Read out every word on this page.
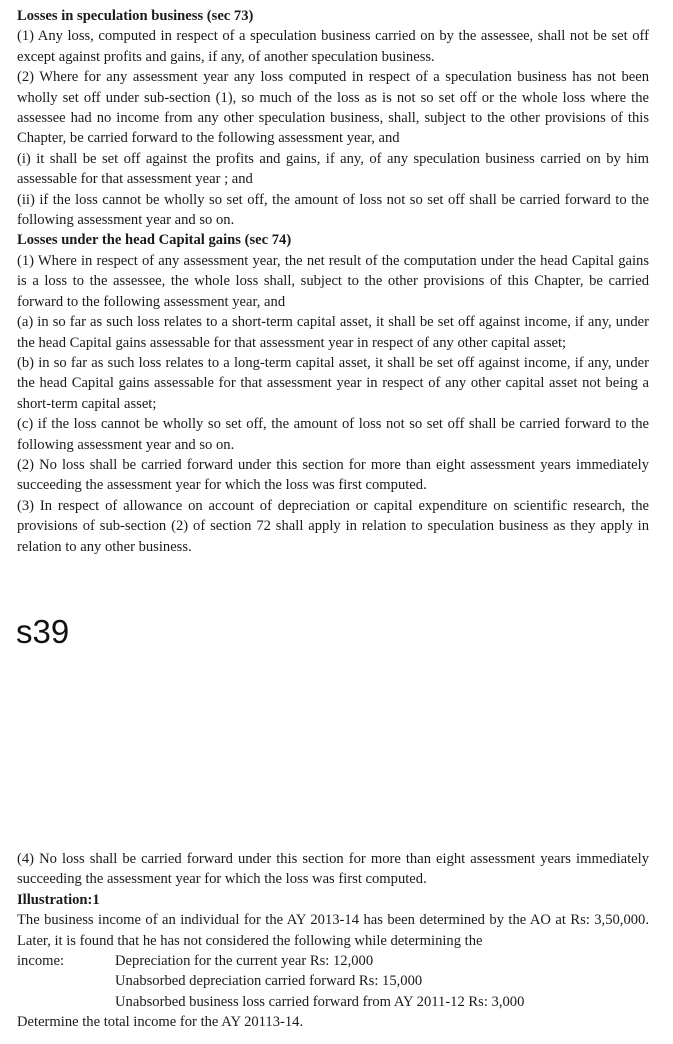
Losses in speculation business (sec 73)

(1) Any loss, computed in respect of a speculation business carried on by the assessee, shall not be set off except against profits and gains, if any, of another speculation business.

(2) Where for any assessment year any loss computed in respect of a speculation business has not been wholly set off under sub-section (1), so much of the loss as is not so set off or the whole loss where the assessee had no income from any other speculation business, shall, subject to the other provisions of this Chapter, be carried forward to the following assessment year, and

(i) it shall be set off against the profits and gains, if any, of any speculation business carried on by him assessable for that assessment year ; and

(ii) if the loss cannot be wholly so set off, the amount of loss not so set off shall be carried forward to the following assessment year and so on.

Losses under the head Capital gains (sec 74)

(1) Where in respect of any assessment year, the net result of the computation under the head Capital gains is a loss to the assessee, the whole loss shall, subject to the other provisions of this Chapter, be carried forward to the following assessment year, and

(a) in so far as such loss relates to a short-term capital asset, it shall be set off against income, if any, under the head Capital gains assessable for that assessment year in respect of any other capital asset;

(b) in so far as such loss relates to a long-term capital asset, it shall be set off against income, if any, under the head Capital gains assessable for that assessment year in respect of any other capital asset not being a short-term capital asset;

(c) if the loss cannot be wholly so set off, the amount of loss not so set off shall be carried forward to the following assessment year and so on.

(2) No loss shall be carried forward under this section for more than eight assessment years immediately succeeding the assessment year for which the loss was first computed.

(3) In respect of allowance on account of depreciation or capital expenditure on scientific research, the provisions of sub-section (2) of section 72 shall apply in relation to speculation business as they apply in relation to any other business.

s39

(4) No loss shall be carried forward under this section for more than eight assessment years immediately succeeding the assessment year for which the loss was first computed.

Illustration:1

The business income of an individual for the AY 2013-14 has been determined by the AO at Rs: 3,50,000. Later, it is found that he has not considered the following while determining the

income:	Depreciation for the current year Rs: 12,000
Unabsorbed depreciation carried forward Rs: 15,000
Unabsorbed business loss carried forward from AY 2011-12 Rs: 3,000

Determine the total income for the AY 20113-14.
